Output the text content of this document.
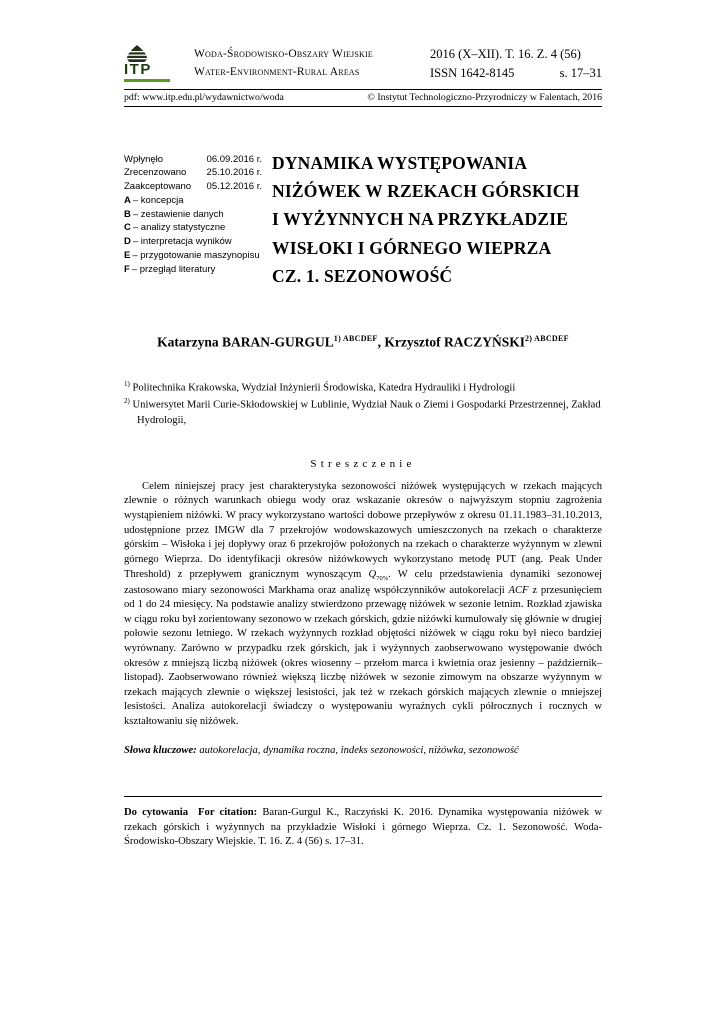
ITP
Woda-Środowisko-Obszary Wiejskie
Water-Environment-Rural Areas
2016 (X–XII). T. 16. Z. 4 (56)
ISSN 1642-8145	s. 17–31
pdf: www.itp.edu.pl/wydawnictwo/woda	© Instytut Technologiczno-Przyrodniczy w Falentach, 2016
Wpłynęło	06.09.2016 r.
Zrecenzowano 25.10.2016 r.
Zaakceptowano 05.12.2016 r.
A – koncepcja
B – zestawienie danych
C – analizy statystyczne
D – interpretacja wyników
E – przygotowanie maszynopisu
F – przegląd literatury
DYNAMIKA WYSTĘPOWANIA
NIŻÓWEK W RZEKACH GÓRSKICH
I WYŻYNNYCH NA PRZYKŁADZIE
WISŁOKI I GÓRNEGO WIEPRZA
CZ. 1. SEZONOWOŚĆ
Katarzyna BARAN-$GURGUL^{1) ABCDEF}$, Krzysztof $RACZYŃSKI^{2) ABCDEF}$
$^{1)}$ Politechnika Krakowska, Wydział Inżynierii Środowiska, Katedra Hydrauliki i Hydrologii
$^{2)}$ Uniwersytet Marii Curie-Skłodowskiej w Lublinie, Wydział Nauk o Ziemi i Gospodarki Przestrzennej, Zakład Hydrologii,
Streszczenie

Celem niniejszej pracy jest charakterystyka sezonowości niżówek występujących w rzekach mających zlewnie o różnych warunkach obiegu wody oraz wskazanie okresów o najwyższym stopniu zagrożenia wystąpieniem niżówki. W pracy wykorzystano wartości dobowe przepływów z okresu 01.11.1983–31.10.2013, udostępnione przez IMGW dla 7 przekrojów wodowskazowych umieszczonych na rzekach o charakterze górskim – Wisłoka i jej dopływy oraz 6 przekrojów położonych na rzekach o charakterze wyżynnym w zlewni górnego Wieprza. Do identyfikacji okresów niżówkowych wykorzystano metodę PUT (ang. Peak Under Threshold) z przepływem granicznym wynoszącym $Q_{70\%}$. W celu przedstawienia dynamiki sezonowej zastosowano miary sezonowości Markhama oraz analizę współczynników autokorelacji ACF z przesunięciem od 1 do 24 miesięcy. Na podstawie analizy stwierdzono przewagę niżówek w sezonie letnim. Rozkład zjawiska w ciągu roku był zorientowany sezonowo w rzekach górskich, gdzie niżówki kumulowały się głównie w drugiej połowie sezonu letniego. W rzekach wyżynnych rozkład objętości niżówek w ciągu roku był nieco bardziej wyrównany. Zarówno w przypadku rzek górskich, jak i wyżynnych zaobserwowano występowanie dwóch okresów z mniejszą liczbą niżówek (okres wiosenny – przełom marca i kwietnia oraz jesienny – październik–listopad). Zaobserwowano również większą liczbę niżówek w sezonie zimowym na obszarze wyżynnym w rzekach mających zlewnie o większej lesistości, jak też w rzekach górskich mających zlewnie o mniejszej lesistości. Analiza autokorelacji świadczy o występowaniu wyraźnych cykli półrocznych i rocznych w kształtowaniu się niżówek.

Słowa kluczowe: autokorelacja, dynamika roczna, indeks sezonowości, niżówka, sezonowość

Do cytowania For citation: Baran-Gurgul K., Raczyński K. 2016. Dynamika występowania niżówek w rzekach górskich i wyżynnych na przykładzie Wisłoki i górnego Wieprza. Cz. 1. Sezonowość. Woda-Środowisko-Obszary Wiejskie. T. 16. Z. 4 (56) s. 17–31.
